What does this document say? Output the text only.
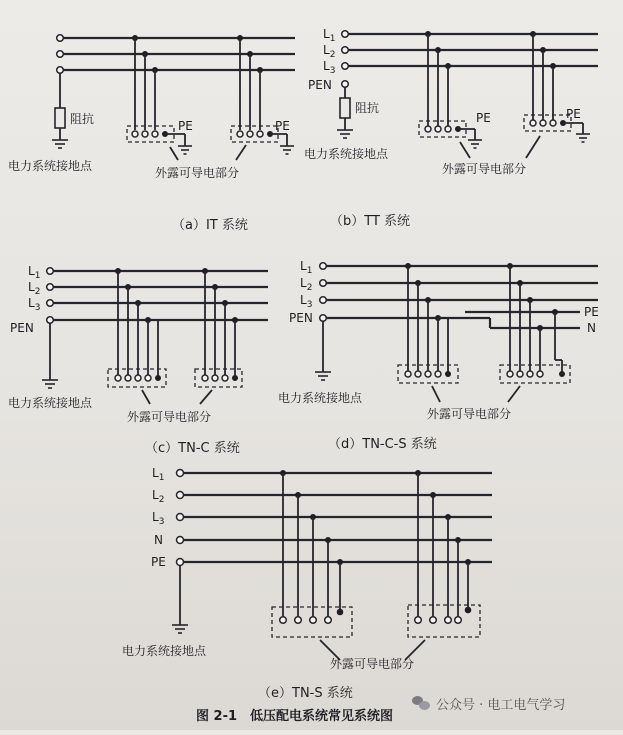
阻抗
电力系统接地点
PE	PE
外露可导电部分
（a）IT 系统
$L_1$
$L_2$
$L_3$
PEN
阻抗
电力系统接地点
PE	PE
外露可导电部分
（b）TT 系统
$L_1$
$L_2$
$L_3$
PEN
电力系统接地点
外露可导电部分
（c）TN-C 系统
$L_1$
$L_2$
$L_3$
PEN	PE
N
电力系统接地点
外露可导电部分
（d）TN-C-S 系统
$L_1$
$L_2$
$L_3$
N
PE
电力系统接地点
外露可导电部分
（e）TN-S 系统
图 2-1　低压配电系统常见系统图
公众号 · 电工电气学习
